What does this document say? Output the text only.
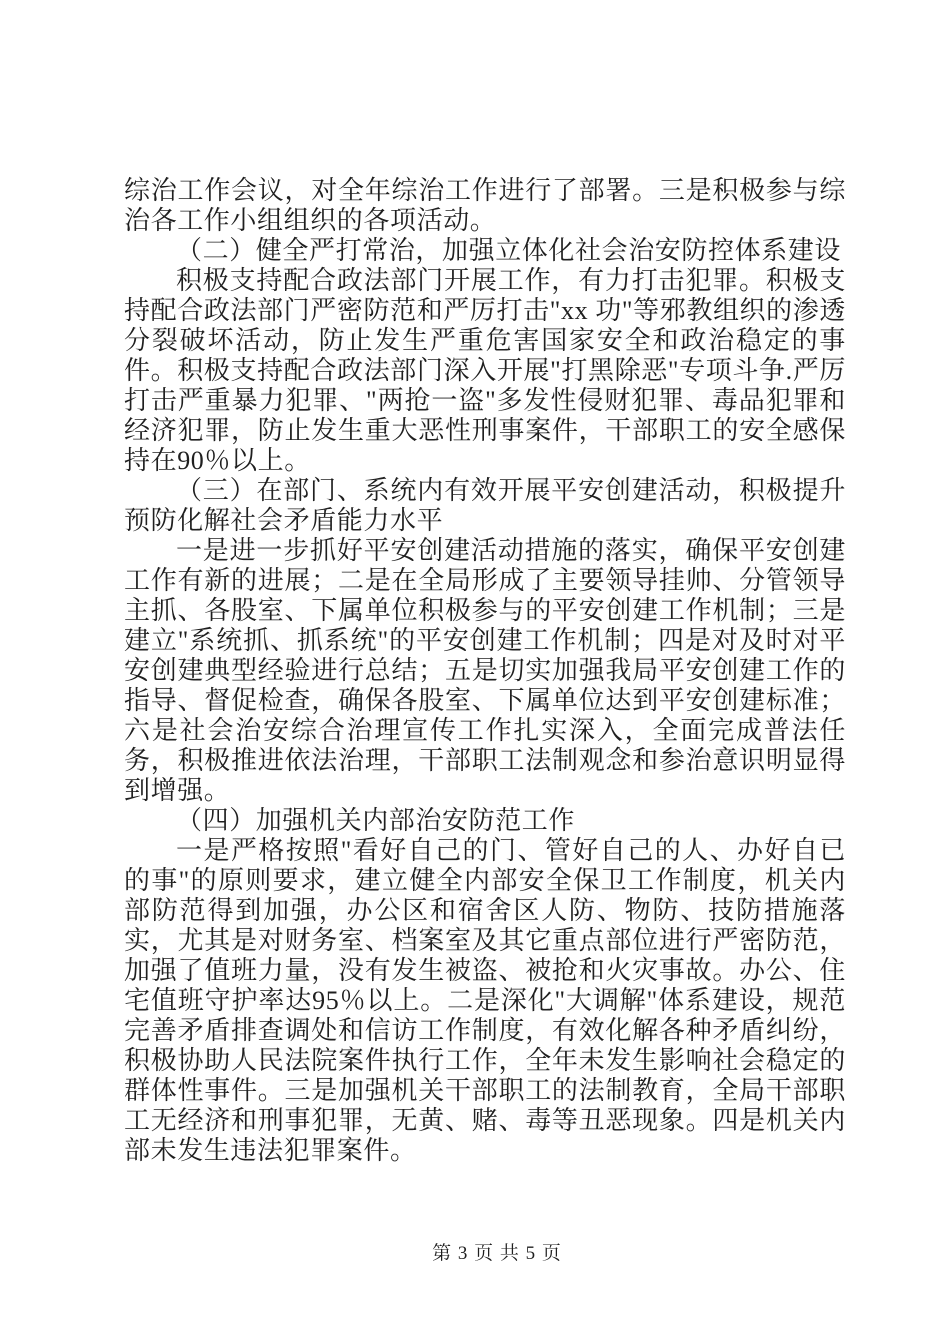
综治工作会议，对全年综治工作进行了部署。三是积极参与综治各工作小组组织的各项活动。

（二）健全严打常治，加强立体化社会治安防控体系建设

积极支持配合政法部门开展工作，有力打击犯罪。积极支持配合政法部门严密防范和严厉打击"xx 功"等邪教组织的渗透分裂破坏活动，防止发生严重危害国家安全和政治稳定的事件。积极支持配合政法部门深入开展"打黑除恶"专项斗争.严厉打击严重暴力犯罪、"两抢一盗"多发性侵财犯罪、毒品犯罪和经济犯罪，防止发生重大恶性刑事案件，干部职工的安全感保持在90％以上。

（三）在部门、系统内有效开展平安创建活动，积极提升预防化解社会矛盾能力水平

一是进一步抓好平安创建活动措施的落实，确保平安创建工作有新的进展；二是在全局形成了主要领导挂帅、分管领导主抓、各股室、下属单位积极参与的平安创建工作机制；三是建立"系统抓、抓系统"的平安创建工作机制；四是对及时对平安创建典型经验进行总结；五是切实加强我局平安创建工作的指导、督促检查，确保各股室、下属单位达到平安创建标准；六是社会治安综合治理宣传工作扎实深入，全面完成普法任务，积极推进依法治理，干部职工法制观念和参治意识明显得到增强。

（四）加强机关内部治安防范工作

一是严格按照"看好自己的门、管好自己的人、办好自已的事"的原则要求，建立健全内部安全保卫工作制度，机关内部防范得到加强，办公区和宿舍区人防、物防、技防措施落实，尤其是对财务室、档案室及其它重点部位进行严密防范，加强了值班力量，没有发生被盗、被抢和火灾事故。办公、住宅值班守护率达95％以上。二是深化"大调解"体系建设，规范完善矛盾排查调处和信访工作制度，有效化解各种矛盾纠纷，积极协助人民法院案件执行工作，全年未发生影响社会稳定的群体性事件。三是加强机关干部职工的法制教育，全局干部职工无经济和刑事犯罪，无黄、赌、毒等丑恶现象。四是机关内部未发生违法犯罪案件。

第 3 页 共 5 页
